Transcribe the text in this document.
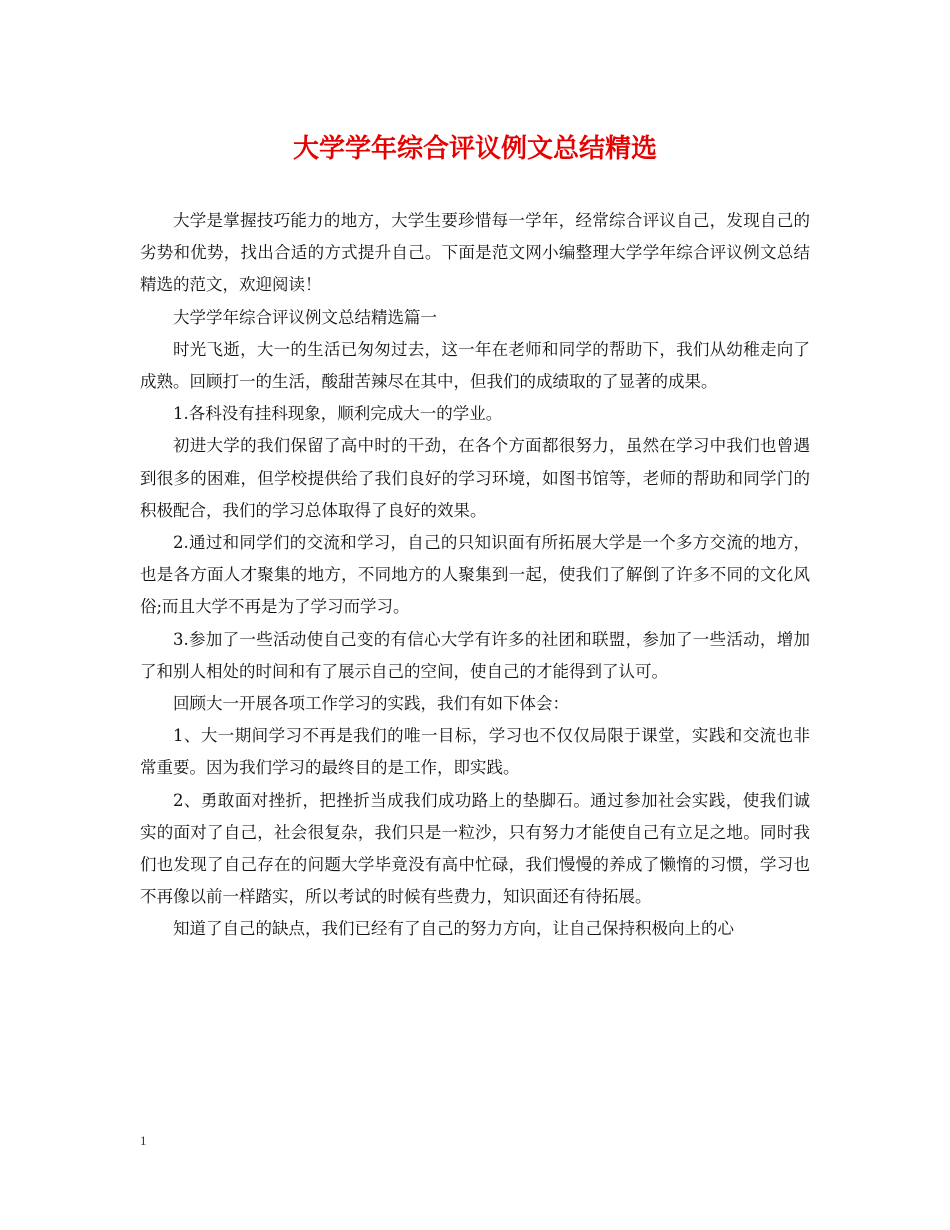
大学学年综合评议例文总结精选

大学是掌握技巧能力的地方，大学生要珍惜每一学年，经常综合评议自己，发现自己的劣势和优势，找出合适的方式提升自己。下面是范文网小编整理大学学年综合评议例文总结精选的范文，欢迎阅读！

大学学年综合评议例文总结精选篇一

时光飞逝，大一的生活已匆匆过去，这一年在老师和同学的帮助下，我们从幼稚走向了成熟。回顾打一的生活，酸甜苦辣尽在其中，但我们的成绩取的了显著的成果。

1.各科没有挂科现象，顺利完成大一的学业。

初进大学的我们保留了高中时的干劲，在各个方面都很努力，虽然在学习中我们也曾遇到很多的困难，但学校提供给了我们良好的学习环境，如图书馆等，老师的帮助和同学门的积极配合，我们的学习总体取得了良好的效果。

2.通过和同学们的交流和学习，自己的只知识面有所拓展大学是一个多方交流的地方，也是各方面人才聚集的地方，不同地方的人聚集到一起，使我们了解倒了许多不同的文化风俗;而且大学不再是为了学习而学习。

3.参加了一些活动使自己变的有信心大学有许多的社团和联盟，参加了一些活动，增加了和别人相处的时间和有了展示自己的空间，使自己的才能得到了认可。

回顾大一开展各项工作学习的实践，我们有如下体会：

1、大一期间学习不再是我们的唯一目标，学习也不仅仅局限于课堂，实践和交流也非常重要。因为我们学习的最终目的是工作，即实践。

2、勇敢面对挫折，把挫折当成我们成功路上的垫脚石。通过参加社会实践，使我们诚实的面对了自己，社会很复杂，我们只是一粒沙，只有努力才能使自己有立足之地。同时我们也发现了自己存在的问题大学毕竟没有高中忙碌，我们慢慢的养成了懒惰的习惯，学习也不再像以前一样踏实，所以考试的时候有些费力，知识面还有待拓展。

知道了自己的缺点，我们已经有了自己的努力方向，让自己保持积极向上的心

1
